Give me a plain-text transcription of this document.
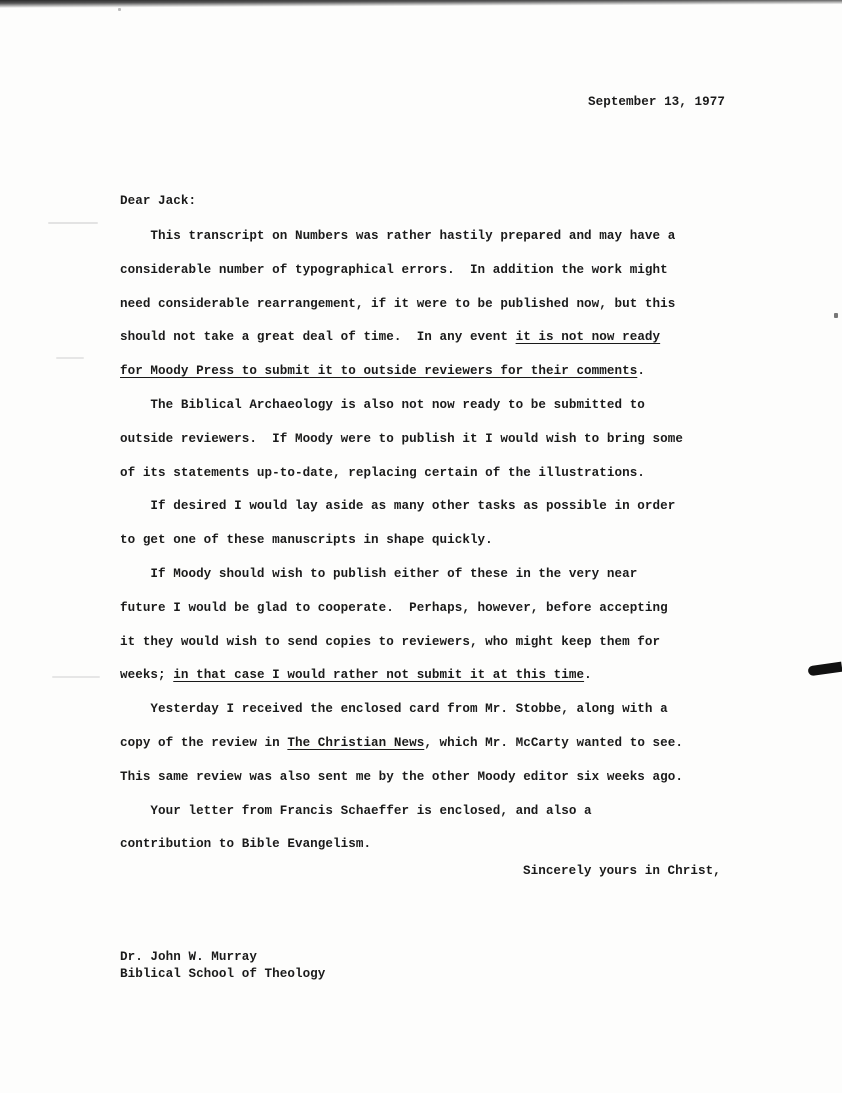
September 13, 1977
Dear Jack:
This transcript on Numbers was rather hastily prepared and may have a
considerable number of typographical errors.  In addition the work might
need considerable rearrangement, if it were to be published now, but this
should not take a great deal of time.  In any event it is not now ready
for Moody Press to submit it to outside reviewers for their comments.
The Biblical Archaeology is also not now ready to be submitted to
outside reviewers.  If Moody were to publish it I would wish to bring some
of its statements up-to-date, replacing certain of the illustrations.
If desired I would lay aside as many other tasks as possible in order
to get one of these manuscripts in shape quickly.
If Moody should wish to publish either of these in the very near
future I would be glad to cooperate.  Perhaps, however, before accepting
it they would wish to send copies to reviewers, who might keep them for
weeks; in that case I would rather not submit it at this time.
Yesterday I received the enclosed card from Mr. Stobbe, along with a
copy of the review in The Christian News, which Mr. McCarty wanted to see.
This same review was also sent me by the other Moody editor six weeks ago.
Your letter from Francis Schaeffer is enclosed, and also a
contribution to Bible Evangelism.
Sincerely yours in Christ,
Dr. John W. Murray
Biblical School of Theology
